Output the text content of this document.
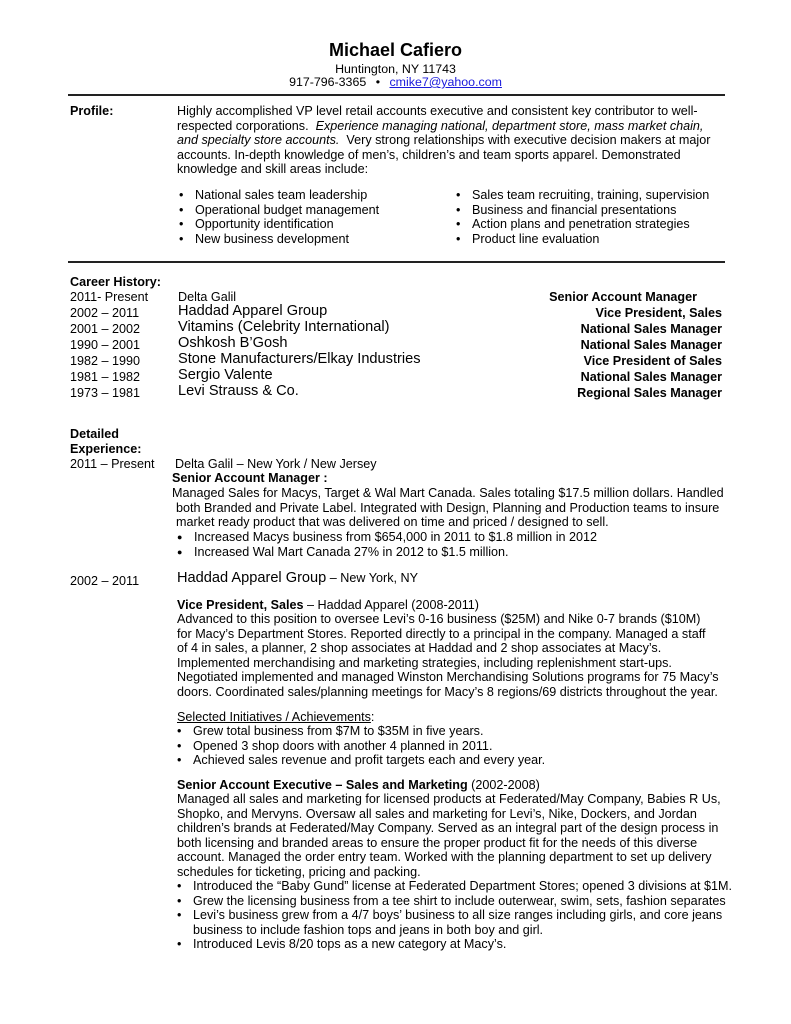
Michael Cafiero
Huntington, NY 11743
917-796-3365 • cmike7@yahoo.com
Profile:	Highly accomplished VP level retail accounts executive and consistent key contributor to well-
respected corporations. Experience managing national, department store, mass market chain,
and specialty store accounts. Very strong relationships with executive decision makers at major
accounts. In-depth knowledge of men’s, children’s and team sports apparel. Demonstrated
knowledge and skill areas include:
• National sales team leadership
• Operational budget management
• Opportunity identification
• New business development
• Sales team recruiting, training, supervision
• Business and financial presentations
• Action plans and penetration strategies
• Product line evaluation
Career History:
2011- Present Delta Galil	Senior Account Manager
2002 – 2011	Haddad Apparel Group	Vice President, Sales
2001 – 2002	Vitamins (Celebrity International)	National Sales Manager
1990 – 2001	Oshkosh B’Gosh	National Sales Manager
1982 – 1990	Stone Manufacturers/Elkay Industries	Vice President of Sales
1981 – 1982	Sergio Valente	National Sales Manager
1973 – 1981	Levi Strauss & Co.	Regional Sales Manager
Detailed
Experience:
2011 – Present Delta Galil – New York / New Jersey
Senior Account Manager :
Managed Sales for Macys, Target & Wal Mart Canada. Sales totaling $17.5 million dollars. Handled
both Branded and Private Label. Integrated with Design, Planning and Production teams to insure
market ready product that was delivered on time and priced / designed to sell.
● Increased Macys business from $654,000 in 2011 to $1.8 million in 2012
● Increased Wal Mart Canada 27% in 2012 to $1.5 million.
2002 – 2011	Haddad Apparel Group – New York, NY
Vice President, Sales – Haddad Apparel (2008-2011)
Advanced to this position to oversee Levi’s 0-16 business ($25M) and Nike 0-7 brands ($10M)
for Macy’s Department Stores. Reported directly to a principal in the company. Managed a staff
of 4 in sales, a planner, 2 shop associates at Haddad and 2 shop associates at Macy’s.
Implemented merchandising and marketing strategies, including replenishment start-ups.
Negotiated implemented and managed Winston Merchandising Solutions programs for 75 Macy’s
doors. Coordinated sales/planning meetings for Macy’s 8 regions/69 districts throughout the year.
Selected Initiatives / Achievements:
• Grew total business from $7M to $35M in five years.
• Opened 3 shop doors with another 4 planned in 2011.
• Achieved sales revenue and profit targets each and every year.
Senior Account Executive – Sales and Marketing (2002-2008)
Managed all sales and marketing for licensed products at Federated/May Company, Babies R Us,
Shopko, and Mervyns. Oversaw all sales and marketing for Levi’s, Nike, Dockers, and Jordan
children’s brands at Federated/May Company. Served as an integral part of the design process in
both licensing and branded areas to ensure the proper product fit for the needs of this diverse
account. Managed the order entry team. Worked with the planning department to set up delivery
schedules for ticketing, pricing and packing.
• Introduced the “Baby Gund” license at Federated Department Stores; opened 3 divisions at $1M.
• Grew the licensing business from a tee shirt to include outerwear, swim, sets, fashion separates
• Levi’s business grew from a 4/7 boys’ business to all size ranges including girls, and core jeans
business to include fashion tops and jeans in both boy and girl.
• Introduced Levis 8/20 tops as a new category at Macy’s.
